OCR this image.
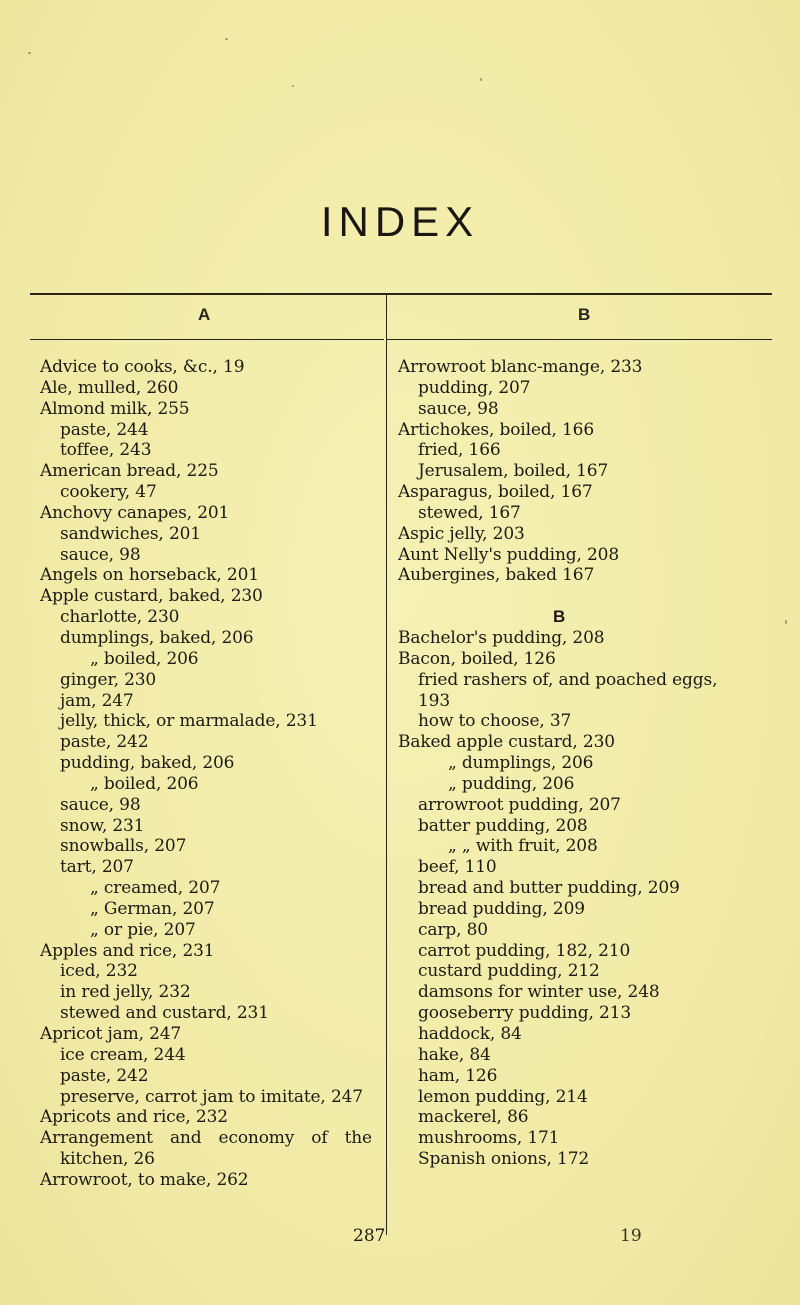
INDEX
A	B
Advice to cooks, &c., 19
Ale, mulled, 260
Almond milk, 255
paste, 244
toffee, 243
American bread, 225
cookery, 47
Anchovy canapes, 201
sandwiches, 201
sauce, 98
Angels on horseback, 201
Apple custard, baked, 230
charlotte, 230
dumplings, baked, 206
„ boiled, 206
ginger, 230
jam, 247
jelly, thick, or marmalade, 231
paste, 242
pudding, baked, 206
„ boiled, 206
sauce, 98
snow, 231
snowballs, 207
tart, 207
„ creamed, 207
„ German, 207
„ or pie, 207
Apples and rice, 231
iced, 232
in red jelly, 232
stewed and custard, 231
Apricot jam, 247
ice cream, 244
paste, 242
preserve, carrot jam to imitate, 247
Apricots and rice, 232
Arrangement and economy of the
kitchen, 26
Arrowroot, to make, 262
Arrowroot blanc-mange, 233
pudding, 207
sauce, 98
Artichokes, boiled, 166
fried, 166
Jerusalem, boiled, 167
Asparagus, boiled, 167
stewed, 167
Aspic jelly, 203
Aunt Nelly's pudding, 208
Aubergines, baked 167
B
Bachelor's pudding, 208
Bacon, boiled, 126
fried rashers of, and poached eggs,
193
how to choose, 37
Baked apple custard, 230
„ dumplings, 206
„ pudding, 206
arrowroot pudding, 207
batter pudding, 208
„ „ with fruit, 208
beef, 110
bread and butter pudding, 209
bread pudding, 209
carp, 80
carrot pudding, 182, 210
custard pudding, 212
damsons for winter use, 248
gooseberry pudding, 213
haddock, 84
hake, 84
ham, 126
lemon pudding, 214
mackerel, 86
mushrooms, 171
Spanish onions, 172
287	19
